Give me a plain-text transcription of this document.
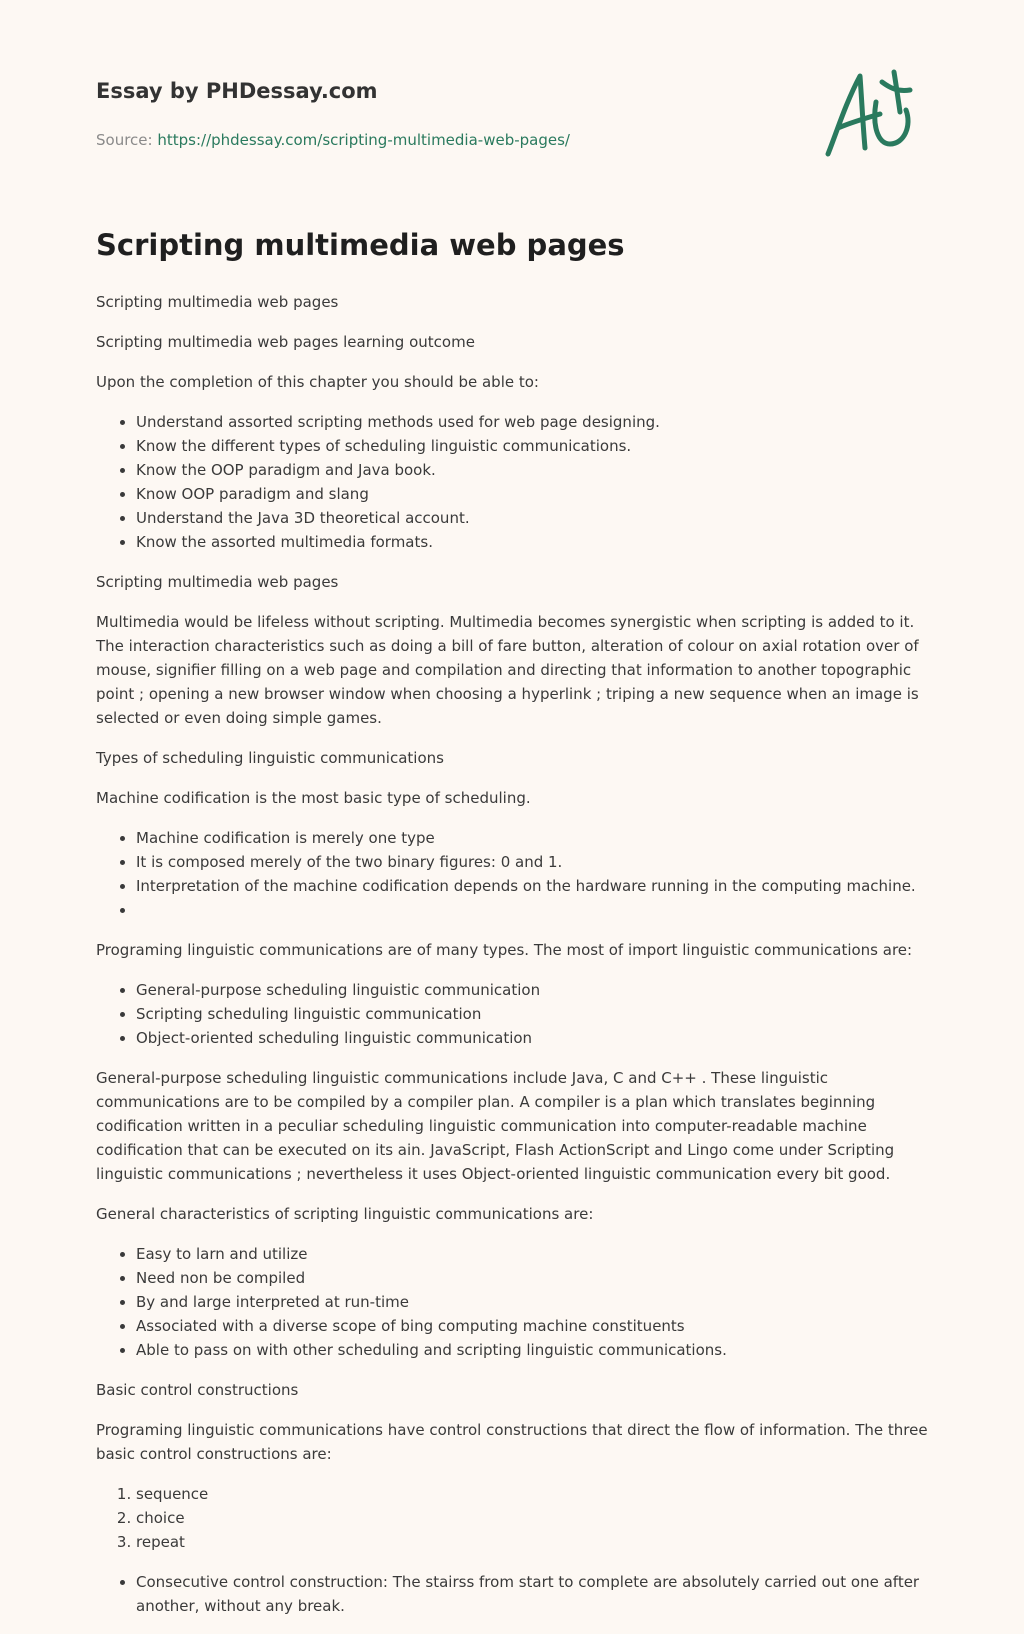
Essay by PHDessay.com
Source: https://phdessay.com/scripting-multimedia-web-pages/
Scripting multimedia web pages

Scripting multimedia web pages

Scripting multimedia web pages learning outcome

Upon the completion of this chapter you should be able to:

• Understand assorted scripting methods used for web page designing.
• Know the different types of scheduling linguistic communications.
• Know the OOP paradigm and Java book.
• Know OOP paradigm and slang
• Understand the Java 3D theoretical account.
• Know the assorted multimedia formats.

Scripting multimedia web pages

Multimedia would be lifeless without scripting. Multimedia becomes synergistic when scripting is added to it. The interaction characteristics such as doing a bill of fare button, alteration of colour on axial rotation over of mouse, signifier filling on a web page and compilation and directing that information to another topographic point ; opening a new browser window when choosing a hyperlink ; triping a new sequence when an image is selected or even doing simple games.

Types of scheduling linguistic communications

Machine codification is the most basic type of scheduling.

• Machine codification is merely one type
• It is composed merely of the two binary figures: 0 and 1.
• Interpretation of the machine codification depends on the hardware running in the computing machine.
•

Programing linguistic communications are of many types. The most of import linguistic communications are:

• General-purpose scheduling linguistic communication
• Scripting scheduling linguistic communication
• Object-oriented scheduling linguistic communication

General-purpose scheduling linguistic communications include Java, C and C++ . These linguistic communications are to be compiled by a compiler plan. A compiler is a plan which translates beginning codification written in a peculiar scheduling linguistic communication into computer-readable machine codification that can be executed on its ain. JavaScript, Flash ActionScript and Lingo come under Scripting linguistic communications ; nevertheless it uses Object-oriented linguistic communication every bit good.

General characteristics of scripting linguistic communications are:

• Easy to larn and utilize
• Need non be compiled
• By and large interpreted at run-time
• Associated with a diverse scope of bing computing machine constituents
• Able to pass on with other scheduling and scripting linguistic communications.

Basic control constructions

Programing linguistic communications have control constructions that direct the flow of information. The three basic control constructions are:

1. sequence
2. choice
3. repeat
• Consecutive control construction: The stairss from start to complete are absolutely carried out one after another, without any break.
